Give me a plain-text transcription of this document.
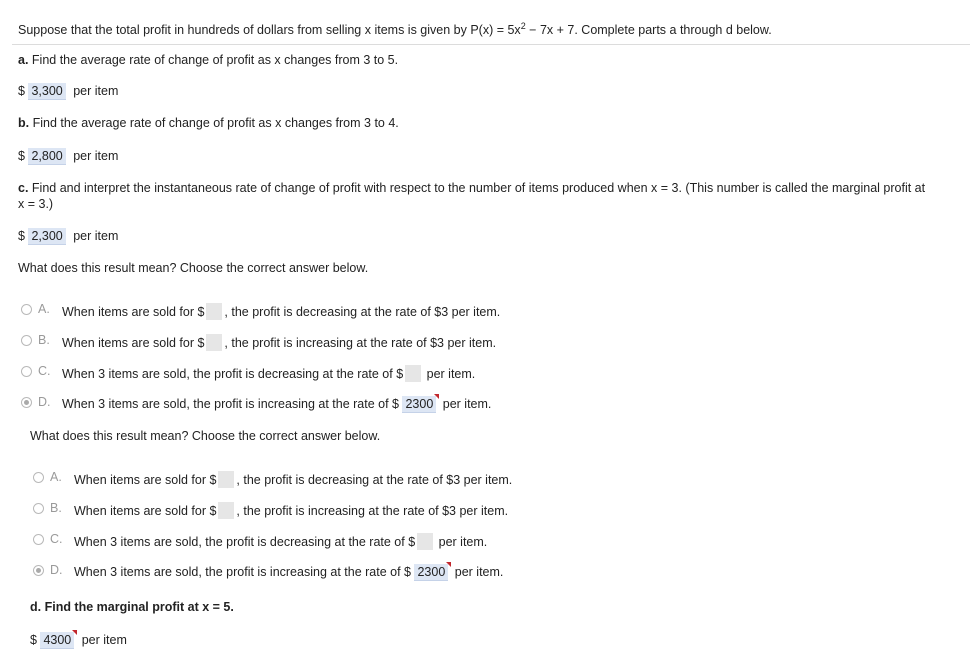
Suppose that the total profit in hundreds of dollars from selling x items is given by $P(x) = 5x^2 - 7x + 7$. Complete parts a through d below.
a. Find the average rate of change of profit as x changes from 3 to 5.
$ 3,300 per item
b. Find the average rate of change of profit as x changes from 3 to 4.
$ 2,800 per item
c. Find and interpret the instantaneous rate of change of profit with respect to the number of items produced when x = 3. (This number is called the marginal profit at
x = 3.)
$ 2,300 per item
What does this result mean? Choose the correct answer below.
A. When items are sold for $ , the profit is decreasing at the rate of $3 per item.
B. When items are sold for $ , the profit is increasing at the rate of $3 per item.
C. When 3 items are sold, the profit is decreasing at the rate of $ per item.
D. When 3 items are sold, the profit is increasing at the rate of $ 2300 per item.
What does this result mean? Choose the correct answer below.
A. When items are sold for $ , the profit is decreasing at the rate of $3 per item.
B. When items are sold for $ , the profit is increasing at the rate of $3 per item.
C. When 3 items are sold, the profit is decreasing at the rate of $ per item.
D. When 3 items are sold, the profit is increasing at the rate of $ 2300 per item.
d. Find the marginal profit at x = 5.
$ 4300 per item
